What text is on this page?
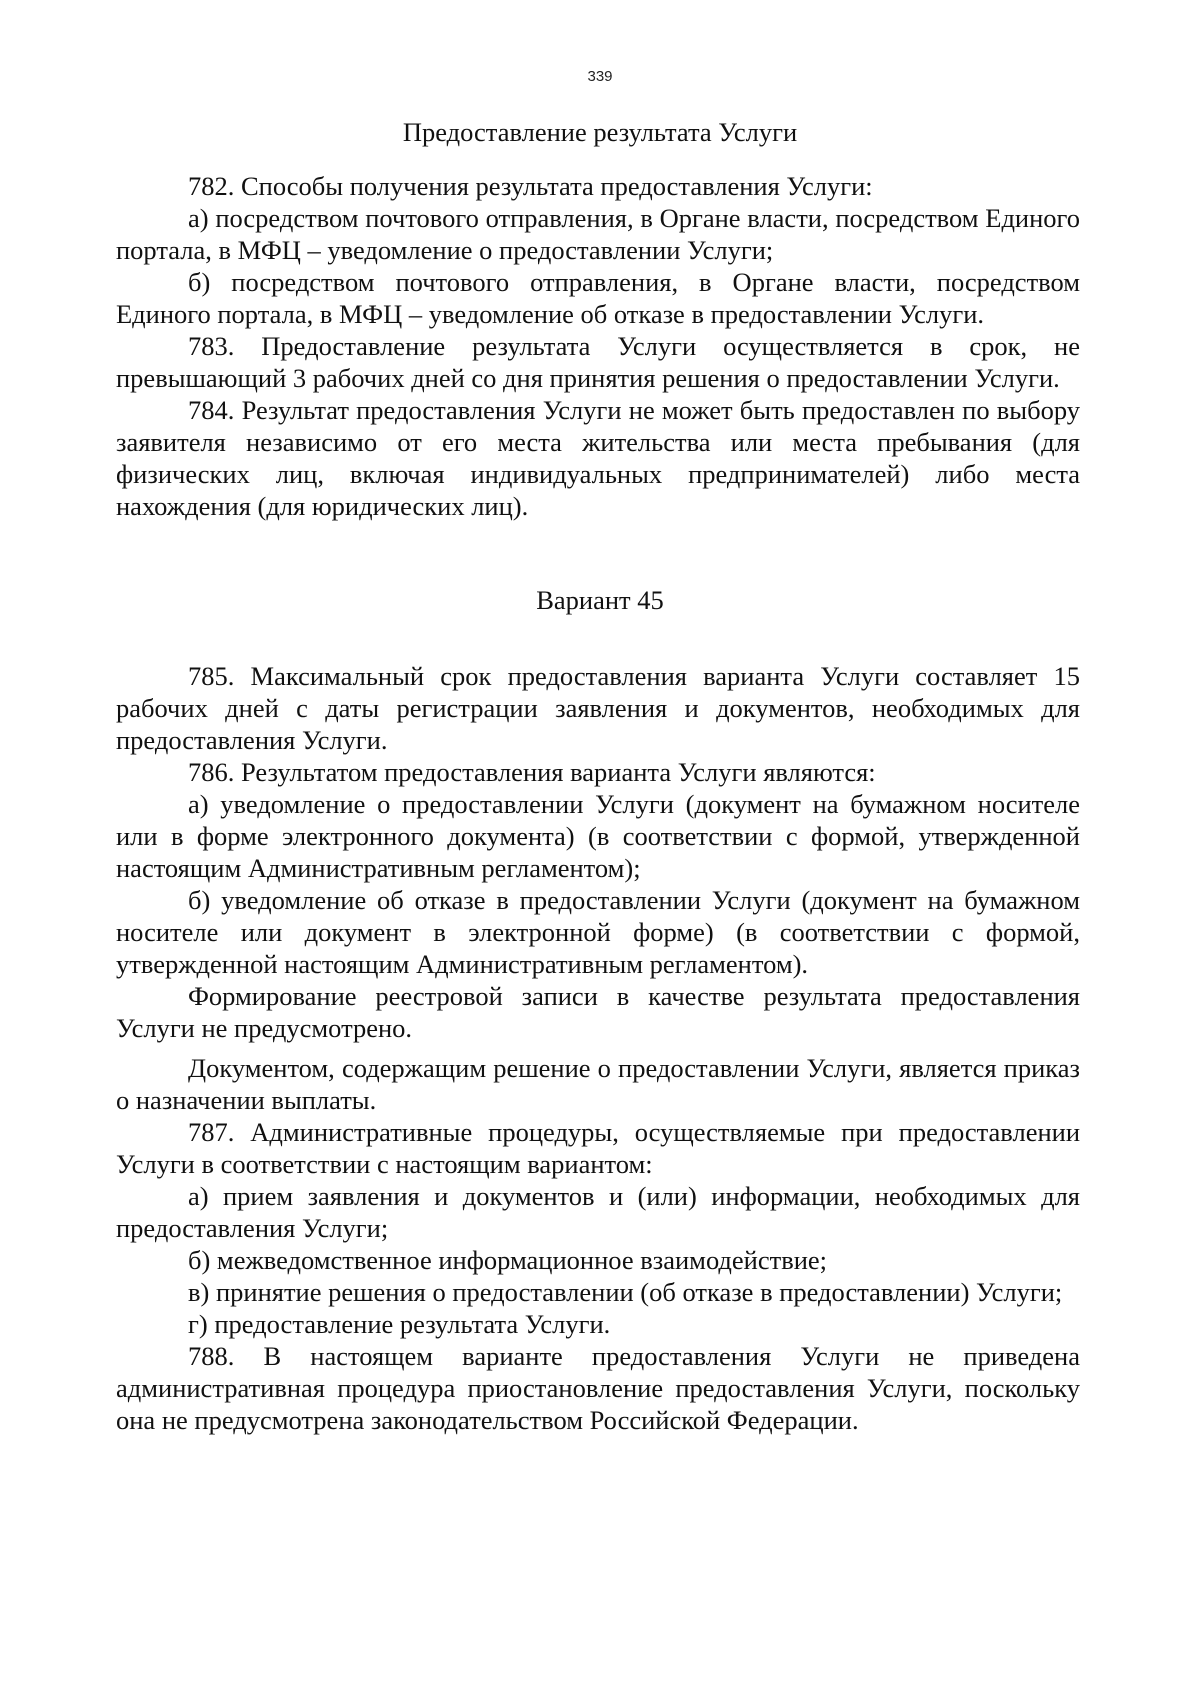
339
Предоставление результата Услуги

782. Способы получения результата предоставления Услуги:

а) посредством почтового отправления, в Органе власти, посредством Единого портала, в МФЦ – уведомление о предоставлении Услуги;

б) посредством почтового отправления, в Органе власти, посредством Единого портала, в МФЦ – уведомление об отказе в предоставлении Услуги.

783. Предоставление результата Услуги осуществляется в срок, не превышающий 3 рабочих дней со дня принятия решения о предоставлении Услуги.

784. Результат предоставления Услуги не может быть предоставлен по выбору заявителя независимо от его места жительства или места пребывания (для физических лиц, включая индивидуальных предпринимателей) либо места нахождения (для юридических лиц).

Вариант 45

785. Максимальный срок предоставления варианта Услуги составляет 15 рабочих дней с даты регистрации заявления и документов, необходимых для предоставления Услуги.

786. Результатом предоставления варианта Услуги являются:

а) уведомление о предоставлении Услуги (документ на бумажном носителе или в форме электронного документа) (в соответствии с формой, утвержденной настоящим Административным регламентом);

б) уведомление об отказе в предоставлении Услуги (документ на бумажном носителе или документ в электронной форме) (в соответствии с формой, утвержденной настоящим Административным регламентом).

Формирование реестровой записи в качестве результата предоставления Услуги не предусмотрено.

Документом, содержащим решение о предоставлении Услуги, является приказ о назначении выплаты.

787. Административные процедуры, осуществляемые при предоставлении Услуги в соответствии с настоящим вариантом:

а) прием заявления и документов и (или) информации, необходимых для предоставления Услуги;

б) межведомственное информационное взаимодействие;

в) принятие решения о предоставлении (об отказе в предоставлении) Услуги;

г) предоставление результата Услуги.

788. В настоящем варианте предоставления Услуги не приведена административная процедура приостановление предоставления Услуги, поскольку она не предусмотрена законодательством Российской Федерации.
